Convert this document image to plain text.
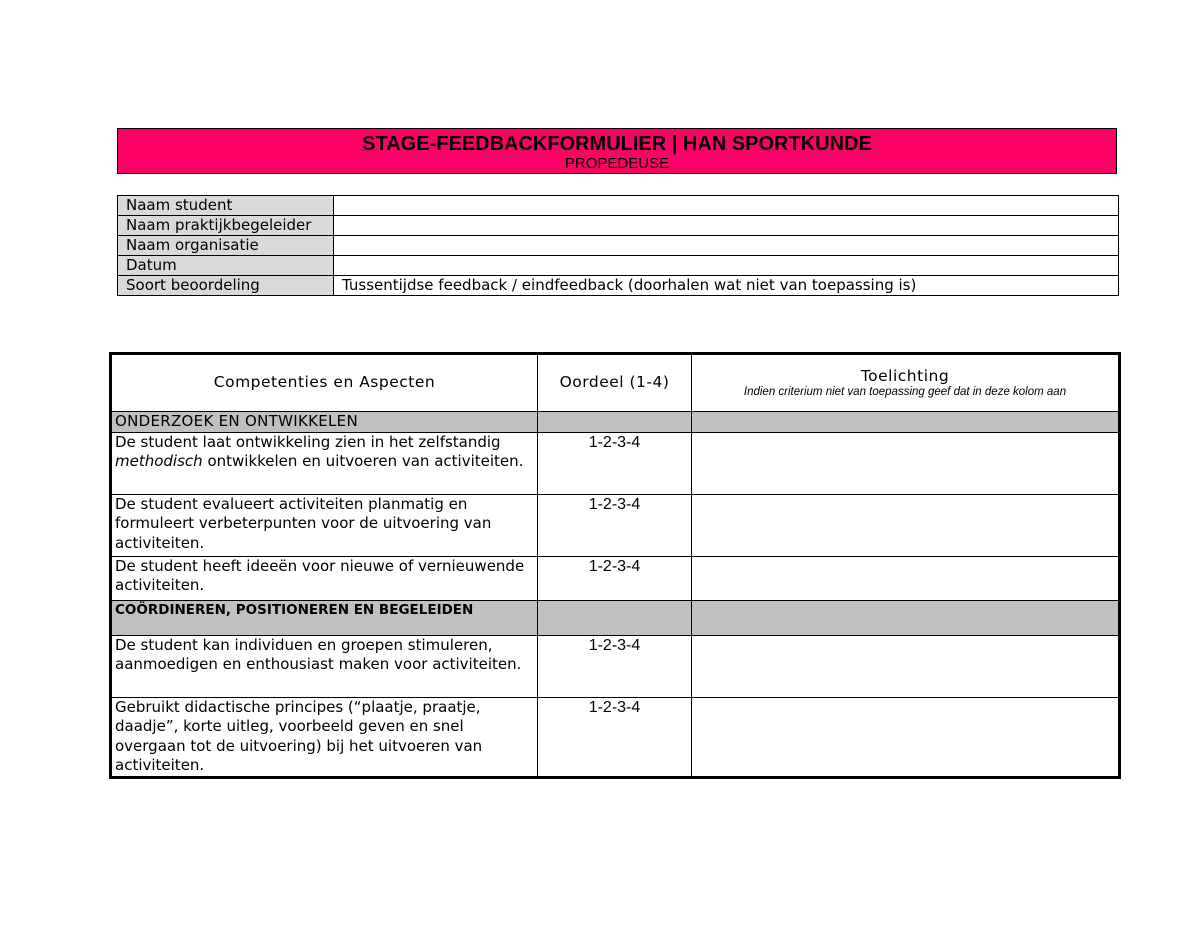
STAGE-FEEDBACKFORMULIER | HAN SPORTKUNDE
PROPEDEUSE
Naam student	
Naam praktijkbegeleider	
Naam organisatie	
Datum	
Soort beoordeling	Tussentijdse feedback / eindfeedback (doorhalen wat niet van toepassing is)
Competenties en Aspecten	Oordeel (1-4)	Toelichting
Indien criterium niet van toepassing geef dat in deze kolom aan

ONDERZOEK EN ONTWIKKELEN		
De student laat ontwikkeling zien in het zelfstandig methodisch ontwikkelen en uitvoeren van activiteiten.	1-2-3-4	
De student evalueert activiteiten planmatig en formuleert verbeterpunten voor de uitvoering van activiteiten.	1-2-3-4	
De student heeft ideeën voor nieuwe of vernieuwende activiteiten.	1-2-3-4	
COÖRDINEREN, POSITIONEREN EN BEGELEIDEN		
De student kan individuen en groepen stimuleren, aanmoedigen en enthousiast maken voor activiteiten.	1-2-3-4	
Gebruikt didactische principes (“plaatje, praatje, daadje”, korte uitleg, voorbeeld geven en snel overgaan tot de uitvoering) bij het uitvoeren van activiteiten.	1-2-3-4	
